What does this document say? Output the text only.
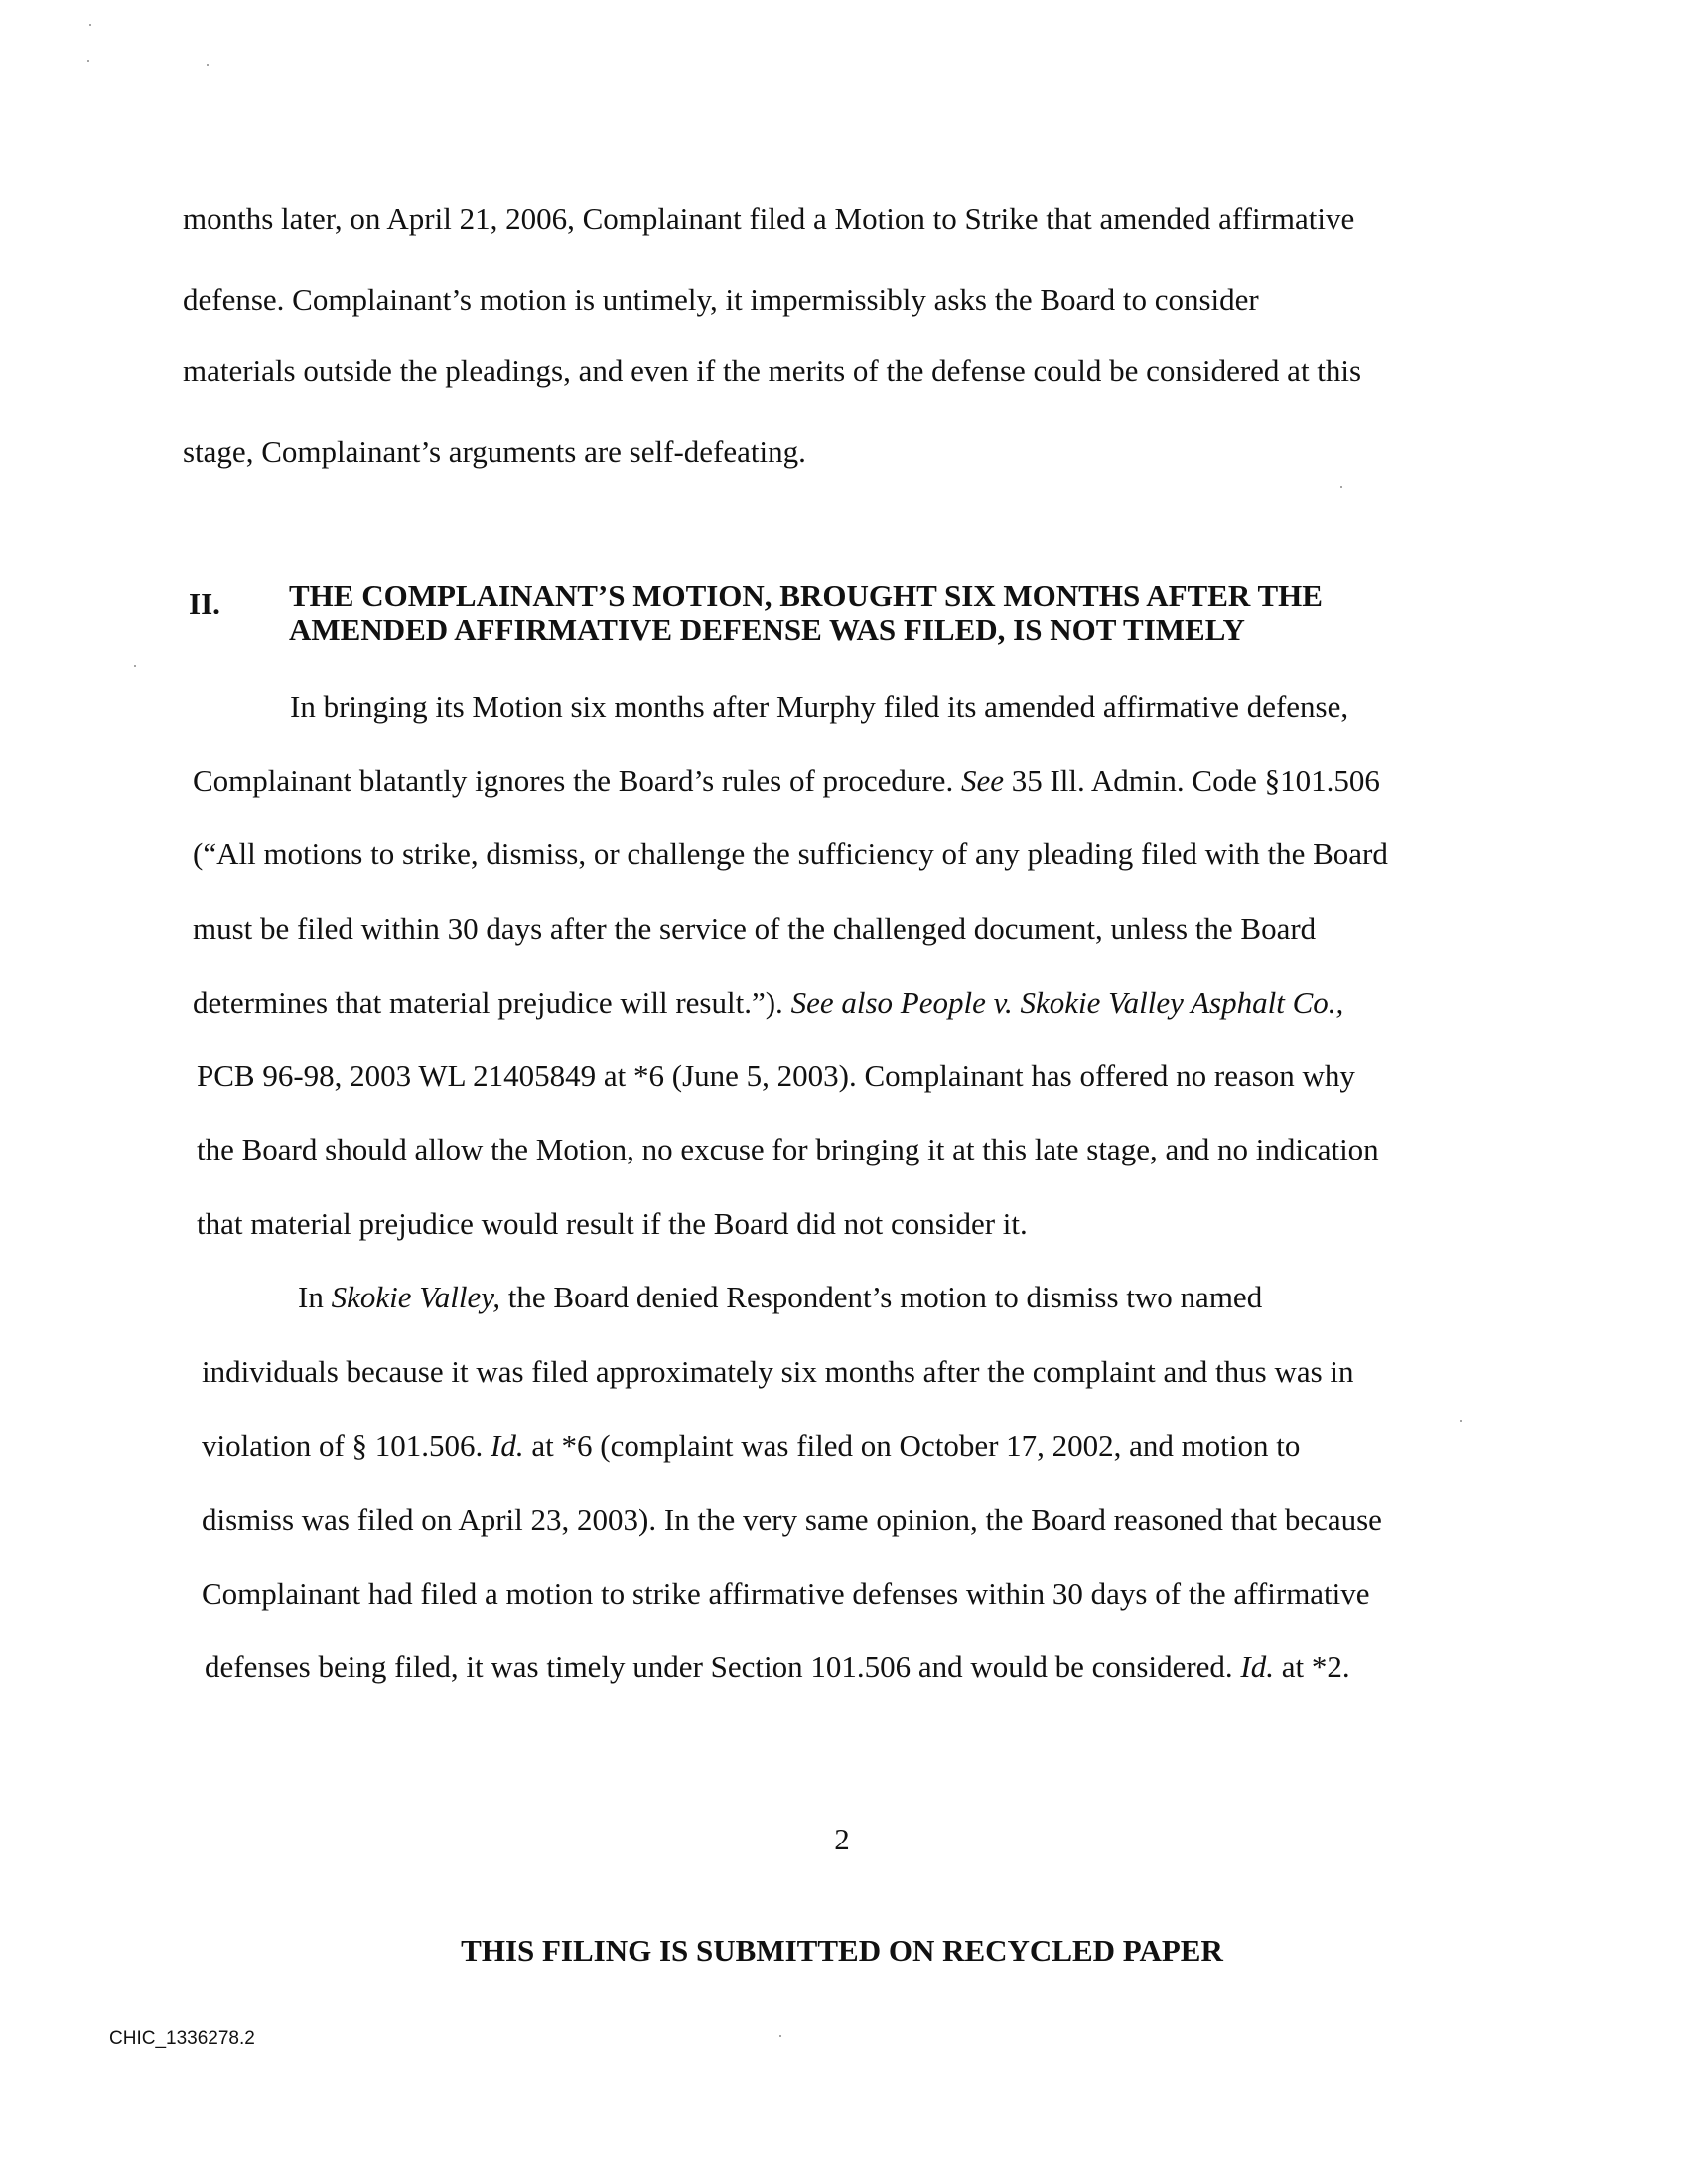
months later, on April 21, 2006, Complainant filed a Motion to Strike that amended affirmative
defense. Complainant’s motion is untimely, it impermissibly asks the Board to consider
materials outside the pleadings, and even if the merits of the defense could be considered at this
stage, Complainant’s arguments are self-defeating.
II. THE COMPLAINANT’S MOTION, BROUGHT SIX MONTHS AFTER THE
AMENDED AFFIRMATIVE DEFENSE WAS FILED, IS NOT TIMELY
In bringing its Motion six months after Murphy filed its amended affirmative defense,
Complainant blatantly ignores the Board’s rules of procedure. See 35 Ill. Admin. Code §101.506
(“All motions to strike, dismiss, or challenge the sufficiency of any pleading filed with the Board
must be filed within 30 days after the service of the challenged document, unless the Board
determines that material prejudice will result.”). See also People v. Skokie Valley Asphalt Co.,
PCB 96-98, 2003 WL 21405849 at *6 (June 5, 2003). Complainant has offered no reason why
the Board should allow the Motion, no excuse for bringing it at this late stage, and no indication
that material prejudice would result if the Board did not consider it.
In Skokie Valley, the Board denied Respondent’s motion to dismiss two named
individuals because it was filed approximately six months after the complaint and thus was in
violation of § 101.506. Id. at *6 (complaint was filed on October 17, 2002, and motion to
dismiss was filed on April 23, 2003). In the very same opinion, the Board reasoned that because
Complainant had filed a motion to strike affirmative defenses within 30 days of the affirmative
defenses being filed, it was timely under Section 101.506 and would be considered. Id. at *2.
2
THIS FILING IS SUBMITTED ON RECYCLED PAPER
CHIC_1336278.2
